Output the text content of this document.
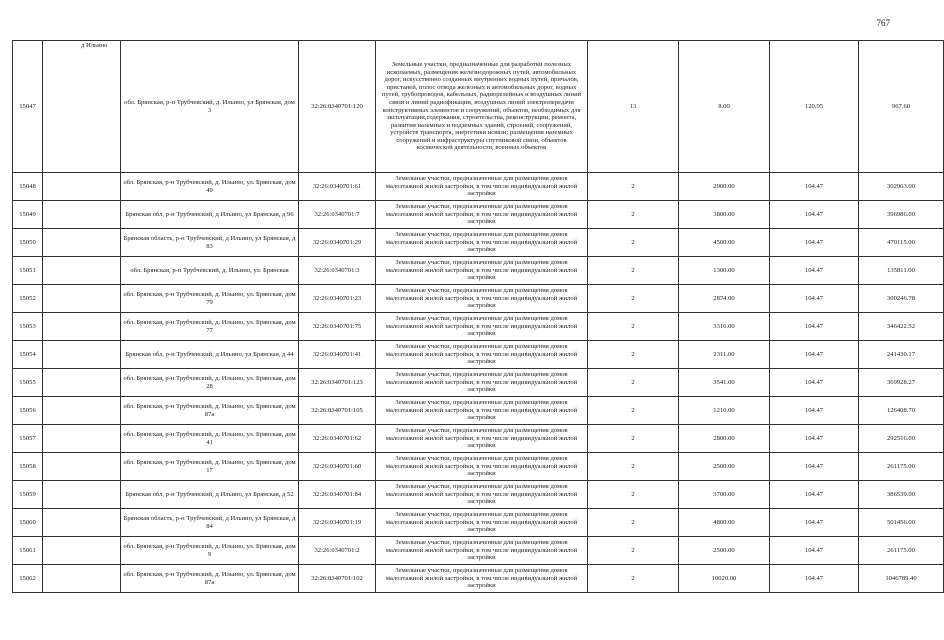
767
15047	д Ильино	обл. Брянская, р-н Трубчевский, д. Ильино, ул Брянская, дом 3	32:26:0340701:120	Земельные участки, предназначенные для разработки полезных ископаемых, размещения железнодорожных путей, автомобильных дорог, искусственно созданных внутренних водных путей, причалов, пристаней, полос отвода железных и автомобильных дорог, водных путей, трубопроводов, кабельных, радиорелейных и воздушных линий связи и линий радиофикации, воздушных линий электропередачи конструктивных элементов и сооружений, объектов, необходимых для эксплуатации,содержания, строительства, реконструкции, ремонта, развития наземных и подземных зданий, строений, сооружений, устройств транспорта, энергетики исвязи; размещения наземных сооружений и инфраструктуры спутниковой связи, объектов космической деятельности, военных объектов	13	8.00	120.95	967.60
15048		обл. Брянская, р-н Трубчевский, д. Ильино, ул. Брянская, дом 49	32:26:0340701:61	Земельные участки, предназначенные для размещения домов малоэтажной жилой застройки, в том числе индивидуальной жилой застройки	2	2900.00	104.47	302963.00
15049		Брянская обл, р-н Трубчевский, д Ильино, ул Брянская, д 96	32:26:0340701:7	Земельные участки, предназначенные для размещения домов малоэтажной жилой застройки, в том числе индивидуальной жилой застройки	2	3800.00	104.47	396986.00
15050		Брянская область, р-н Трубчевский, д Ильино, ул Брянская, д 83	32:26:0340701:29	Земельные участки, предназначенные для размещения домов малоэтажной жилой застройки, в том числе индивидуальной жилой застройки	2	4500.00	104.47	470115.00
15051		обл. Брянская, р-н Трубчевский, д. Ильино, ул. Брянская	32:26:0340701:3	Земельные участки, предназначенные для размещения домов малоэтажной жилой застройки, в том числе индивидуальной жилой застройки	2	1300.00	104.47	135811.00
15052		обл. Брянская, р-н Трубчевский, д. Ильино, ул. Брянская, дом 79	32:26:0340701:23	Земельные участки, предназначенные для размещения домов малоэтажной жилой застройки, в том числе индивидуальной жилой застройки	2	2874.00	104.47	300246.78
15053		обл. Брянская, р-н Трубчевский, д. Ильино, ул. Брянская, дом 77	32:26:0340701:75	Земельные участки, предназначенные для размещения домов малоэтажной жилой застройки, в том числе индивидуальной жилой застройки	2	3316.00	104.47	346422.52
15054		Брянская обл, р-н Трубчевский, д Ильино, ул Брянская, д 44	32:26:0340701:41	Земельные участки, предназначенные для размещения домов малоэтажной жилой застройки, в том числе индивидуальной жилой застройки	2	2311.00	104.47	241430.17
15055		обл. Брянская, р-н Трубчевский, д. Ильино, ул. Брянская, дом 28	32:26:0340701:123	Земельные участки, предназначенные для размещения домов малоэтажной жилой застройки, в том числе индивидуальной жилой застройки	2	3541.00	104.47	369928.27
15056		обл. Брянская, р-н Трубчевский, д. Ильино, ул. Брянская, дом 87а	32:26:0340701:105	Земельные участки, предназначенные для размещения домов малоэтажной жилой застройки, в том числе индивидуальной жилой застройки	2	1210.00	104.47	126408.70
15057		обл. Брянская, р-н Трубчевский, д. Ильино, ул. Брянская, дом 41	32:26:0340701:62	Земельные участки, предназначенные для размещения домов малоэтажной жилой застройки, в том числе индивидуальной жилой застройки	2	2800.00	104.47	292516.00
15058		обл. Брянская, р-н Трубчевский, д. Ильино, ул. Брянская, дом 17	32:26:0340701:60	Земельные участки, предназначенные для размещения домов малоэтажной жилой застройки, в том числе индивидуальной жилой застройки	2	2500.00	104.47	261175.00
15059		Брянская обл, р-н Трубчевский, д Ильино, ул Брянская, д 52	32:26:0340701:84	Земельные участки, предназначенные для размещения домов малоэтажной жилой застройки, в том числе индивидуальной жилой застройки	2	3700.00	104.47	386539.00
15060		Брянская область, р-н Трубчевский, д Ильино, ул Брянская, д 84	32:26:0340701:19	Земельные участки, предназначенные для размещения домов малоэтажной жилой застройки, в том числе индивидуальной жилой застройки	2	4800.00	104.47	501456.00
15061		обл. Брянская, р-н Трубчевский, д. Ильино, ул. Брянская, дом 9	32:26:0340701:2	Земельные участки, предназначенные для размещения домов малоэтажной жилой застройки, в том числе индивидуальной жилой застройки	2	2500.00	104.47	261175.00
15062		обл. Брянская, р-н Трубчевский, д. Ильино, ул. Брянская, дом 87а	32:26:0340701:102	Земельные участки, предназначенные для размещения домов малоэтажной жилой застройки, в том числе индивидуальной жилой застройки	2	10020.00	104.47	1046789.40
